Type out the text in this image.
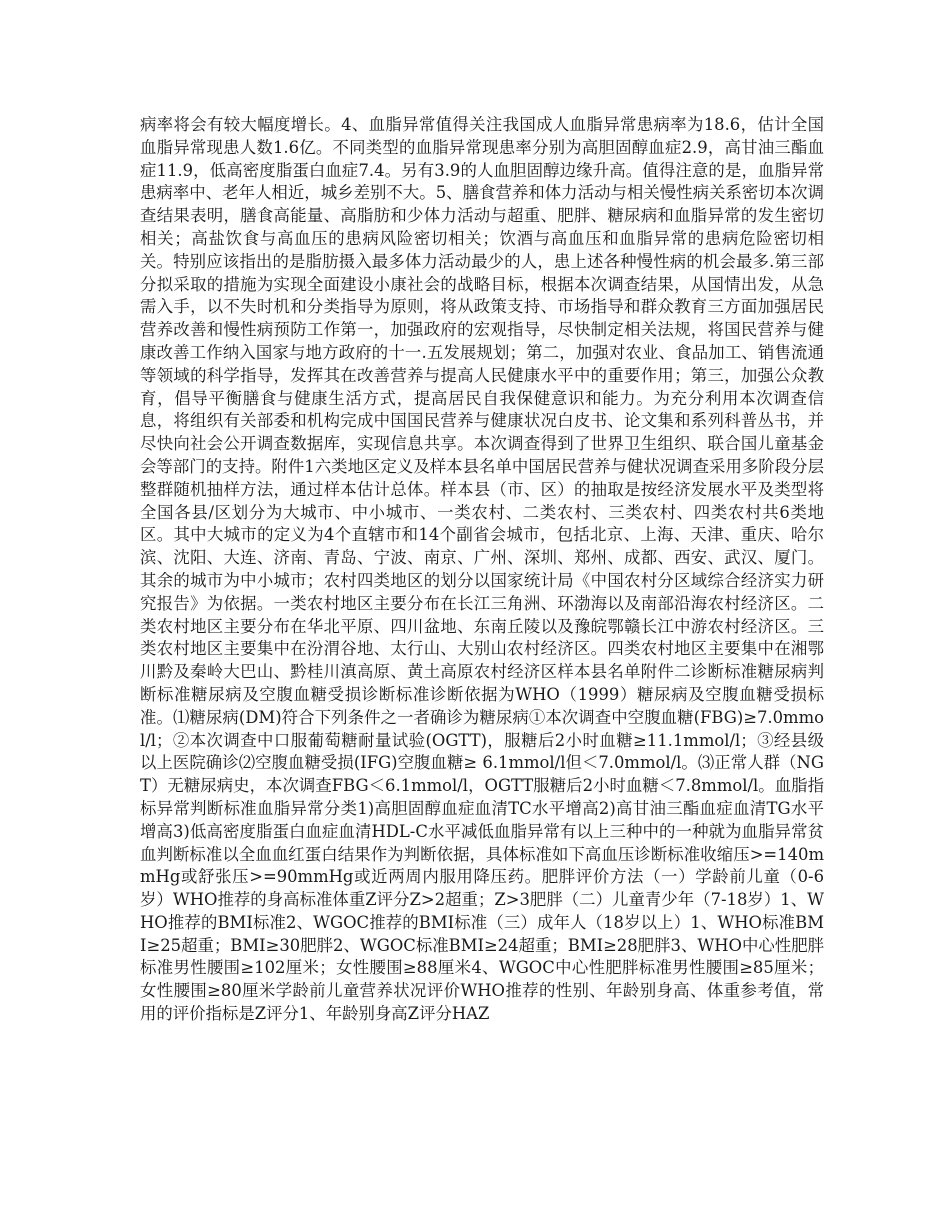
病率将会有较大幅度增长。4、血脂异常值得关注我国成人血脂异常患病率为18.6，估计全国血脂异常现患人数1.6亿。不同类型的血脂异常现患率分别为高胆固醇血症2.9，高甘油三酯血症11.9，低高密度脂蛋白血症7.4。另有3.9的人血胆固醇边缘升高。值得注意的是，血脂异常患病率中、老年人相近，城乡差别不大。5、膳食营养和体力活动与相关慢性病关系密切本次调查结果表明，膳食高能量、高脂肪和少体力活动与超重、肥胖、糖尿病和血脂异常的发生密切相关；高盐饮食与高血压的患病风险密切相关；饮酒与高血压和血脂异常的患病危险密切相关。特别应该指出的是脂肪摄入最多体力活动最少的人，患上述各种慢性病的机会最多.第三部分拟采取的措施为实现全面建设小康社会的战略目标，根据本次调查结果，从国情出发，从急需入手，以不失时机和分类指导为原则，将从政策支持、市场指导和群众教育三方面加强居民营养改善和慢性病预防工作第一，加强政府的宏观指导，尽快制定相关法规，将国民营养与健康改善工作纳入国家与地方政府的十一.五发展规划；第二，加强对农业、食品加工、销售流通等领域的科学指导，发挥其在改善营养与提高人民健康水平中的重要作用；第三，加强公众教育，倡导平衡膳食与健康生活方式，提高居民自我保健意识和能力。为充分利用本次调查信息，将组织有关部委和机构完成中国国民营养与健康状况白皮书、论文集和系列科普丛书，并尽快向社会公开调查数据库，实现信息共享。本次调查得到了世界卫生组织、联合国儿童基金会等部门的支持。附件1六类地区定义及样本县名单中国居民营养与健状况调查采用多阶段分层整群随机抽样方法，通过样本估计总体。样本县（市、区）的抽取是按经济发展水平及类型将全国各县/区划分为大城市、中小城市、一类农村、二类农村、三类农村、四类农村共6类地区。其中大城市的定义为4个直辖市和14个副省会城市，包括北京、上海、天津、重庆、哈尔滨、沈阳、大连、济南、青岛、宁波、南京、广州、深圳、郑州、成都、西安、武汉、厦门。其余的城市为中小城市；农村四类地区的划分以国家统计局《中国农村分区域综合经济实力研究报告》为依据。一类农村地区主要分布在长江三角洲、环渤海以及南部沿海农村经济区。二类农村地区主要分布在华北平原、四川盆地、东南丘陵以及豫皖鄂赣长江中游农村经济区。三类农村地区主要集中在汾渭谷地、太行山、大别山农村经济区。四类农村地区主要集中在湘鄂川黔及秦岭大巴山、黔桂川滇高原、黄土高原农村经济区样本县名单附件二诊断标准糖尿病判断标准糖尿病及空腹血糖受损诊断标准诊断依据为WHO（1999）糖尿病及空腹血糖受损标准。⑴糖尿病(DM)符合下列条件之一者确诊为糖尿病①本次调查中空腹血糖(FBG)≥7.0mmol/l；②本次调查中口服葡萄糖耐量试验(OGTT)，服糖后2小时血糖≥11.1mmol/l；③经县级以上医院确诊⑵空腹血糖受损(IFG)空腹血糖≥ 6.1mmol/l但＜7.0mmol/l。⑶正常人群（NGT）无糖尿病史，本次调查FBG＜6.1mmol/l，OGTT服糖后2小时血糖＜7.8mmol/l。血脂指标异常判断标准血脂异常分类1)高胆固醇血症血清TC水平增高2)高甘油三酯血症血清TG水平增高3)低高密度脂蛋白血症血清HDL-C水平减低血脂异常有以上三种中的一种就为血脂异常贫血判断标准以全血血红蛋白结果作为判断依据，具体标准如下高血压诊断标准收缩压>=140mmHg或舒张压>=90mmHg或近两周内服用降压药。肥胖评价方法（一）学龄前儿童（0-6岁）WHO推荐的身高标准体重Z评分Z>2超重；Z>3肥胖（二）儿童青少年（7-18岁）1、WHO推荐的BMI标准2、WGOC推荐的BMI标准（三）成年人（18岁以上）1、WHO标准BMI≥25超重；BMI≥30肥胖2、WGOC标准BMI≥24超重；BMI≥28肥胖3、WHO中心性肥胖标准男性腰围≥102厘米；女性腰围≥88厘米4、WGOC中心性肥胖标准男性腰围≥85厘米；女性腰围≥80厘米学龄前儿童营养状况评价WHO推荐的性别、年龄别身高、体重参考值，常用的评价指标是Z评分1、年龄别身高Z评分HAZ
